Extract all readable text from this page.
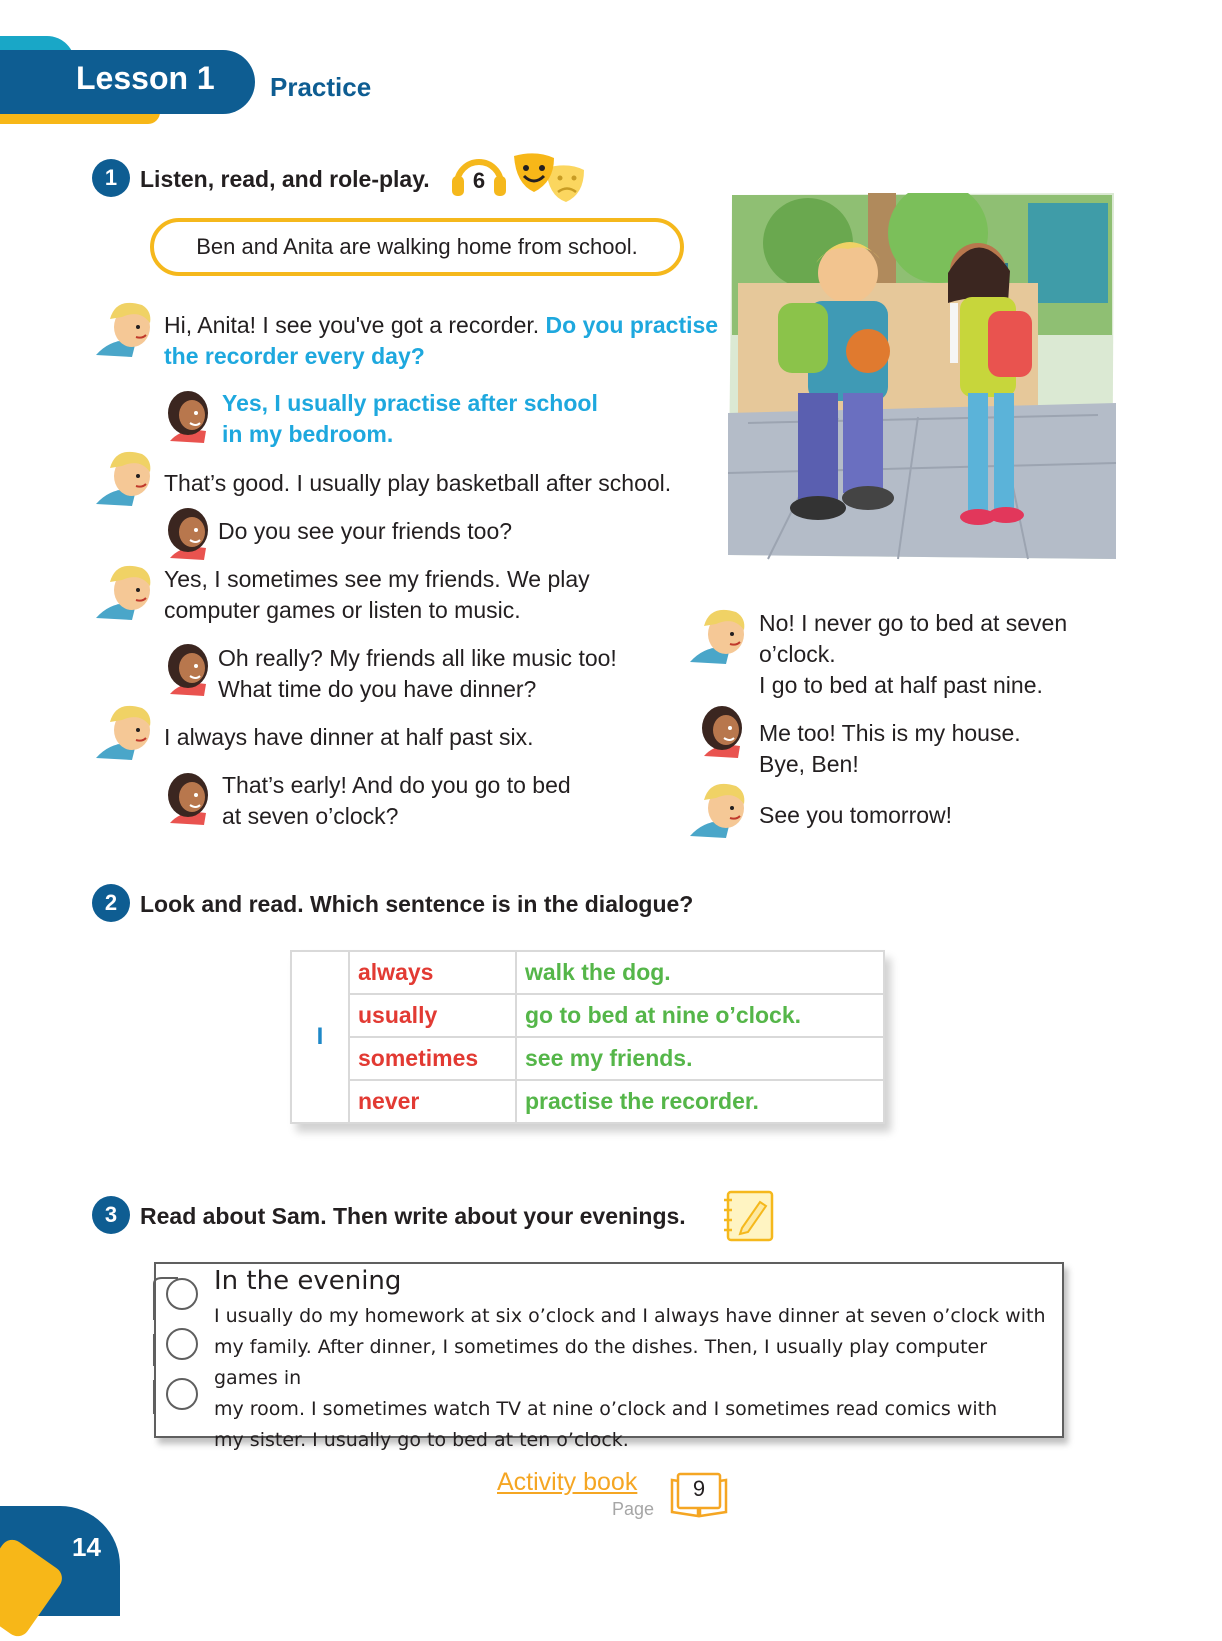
Lesson 1 Practice
1 Listen, read, and role-play. 6
Ben and Anita are walking home from school.
Hi, Anita! I see you've got a recorder. Do you practise
the recorder every day?
Yes, I usually practise after school
in my bedroom.
That’s good. I usually play basketball after school.
Do you see your friends too?
Yes, I sometimes see my friends. We play
computer games or listen to music.
Oh really? My friends all like music too!
What time do you have dinner?
I always have dinner at half past six.
That’s early! And do you go to bed
at seven o’clock?
No! I never go to bed at seven
o’clock.
I go to bed at half past nine.
Me too! This is my house.
Bye, Ben!
See you tomorrow!
2 Look and read. Which sentence is in the dialogue?
I	always	walk the dog.
	usually	go to bed at nine o’clock.
	sometimes	see my friends.
	never	practise the recorder.
3 Read about Sam. Then write about your evenings.
In the evening
I usually do my homework at six o’clock and I always have dinner at seven o’clock with
my family. After dinner, I sometimes do the dishes. Then, I usually play computer games in
my room. I sometimes watch TV at nine o’clock and I sometimes read comics with
my sister. I usually go to bed at ten o’clock.
Activity book
Page
9
14
